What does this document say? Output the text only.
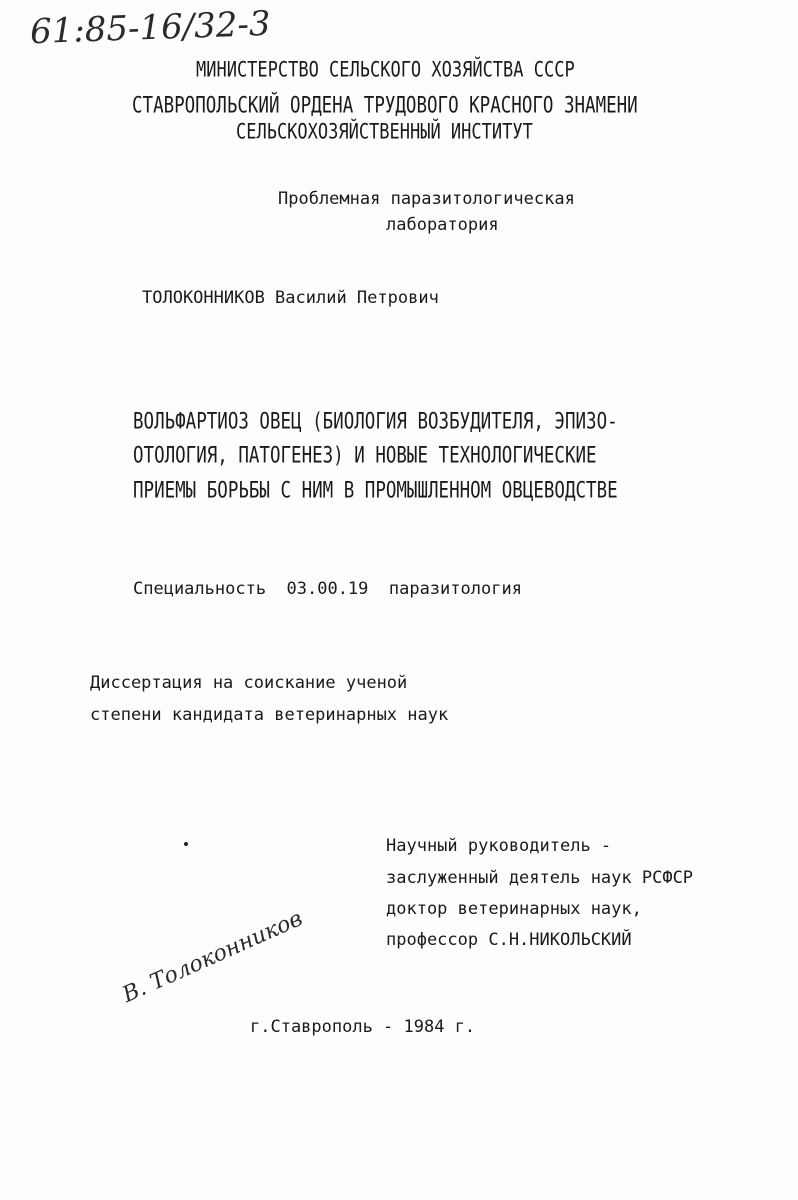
61:85-16/32-3
МИНИСТЕРСТВО СЕЛЬСКОГО ХОЗЯЙСТВА СССР
СТАВРОПОЛЬСКИЙ ОРДЕНА ТРУДОВОГО КРАСНОГО ЗНАМЕНИ
СЕЛЬСКОХОЗЯЙСТВЕННЫЙ ИНСТИТУТ
Проблемная паразитологическая
лаборатория
ТОЛОКОННИКОВ Василий Петрович
ВОЛЬФАРТИОЗ ОВЕЦ (БИОЛОГИЯ ВОЗБУДИТЕЛЯ, ЭПИЗО-
ОТОЛОГИЯ, ПАТОГЕНЕЗ) И НОВЫЕ ТЕХНОЛОГИЧЕСКИЕ
ПРИЕМЫ БОРЬБЫ С НИМ В ПРОМЫШЛЕННОМ ОВЦЕВОДСТВЕ
Специальность  03.00.19  паразитология
Диссертация на соискание ученой
степени кандидата ветеринарных наук
Научный руководитель -
заслуженный деятель наук РСФСР
доктор ветеринарных наук,
профессор С.Н.НИКОЛЬСКИЙ
В. Толоконников
г.Ставрополь - 1984 г.
